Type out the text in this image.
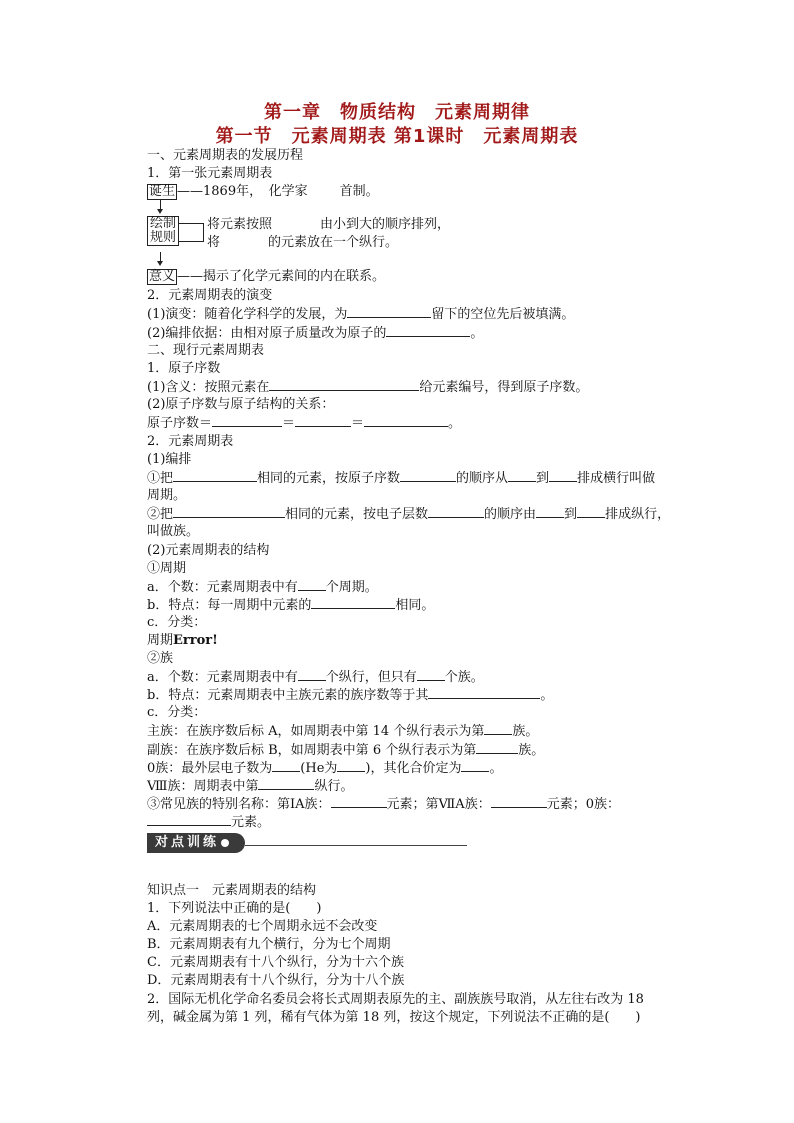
第一章　物质结构　元素周期律
第一节　元素周期表 第1课时　元素周期表
一、元素周期表的发展历程
1．第一张元素周期表
诞生 ——1869年，　化学家 首制。
绘制规则
将元素按照	由小到大的顺序排列，
将	的元素放在一个纵行。
意义 ——揭示了化学元素间的内在联系。
2．元素周期表的演变
(1)演变：随着化学科学的发展，为	留下的空位先后被填满。
(2)编排依据：由相对原子质量改为原子的	。
二、现行元素周期表
1．原子序数
(1)含义：按照元素在	给元素编号，得到原子序数。
(2)原子序数与原子结构的关系：
原子序数＝	＝	＝	。
2．元素周期表
(1)编排
①把	相同的元素，按原子序数	的顺序从 到 排成横行叫做
周期。
②把	相同的元素，按电子层数	的顺序由 到 排成纵行，
叫做族。
(2)元素周期表的结构
①周期
a．个数：元素周期表中有 个周期。
b．特点：每一周期中元素的	相同。
c．分类：
周期Error!
②族
a．个数：元素周期表中有 个纵行，但只有 个族。
b．特点：元素周期表中主族元素的族序数等于其	。
c．分类：
主族：在族序数后标 A，如周期表中第 14 个纵行表示为第 族。
副族：在族序数后标 B，如周期表中第 6 个纵行表示为第	族。
0族：最外层电子数为 (He为 )，其化合价定为 。
Ⅷ族：周期表中第	纵行。
③常见族的特别名称：第ⅠA族：	元素；第ⅦA族：	元素；0族：
元素。
对点训练
知识点一　元素周期表的结构
1．下列说法中正确的是(　　)
A．元素周期表的七个周期永远不会改变
B．元素周期表有九个横行，分为七个周期
C．元素周期表有十八个纵行，分为十六个族
D．元素周期表有十八个纵行，分为十八个族
2．国际无机化学命名委员会将长式周期表原先的主、副族族号取消，从左往右改为 18
列，碱金属为第 1 列，稀有气体为第 18 列，按这个规定，下列说法不正确的是(　　)
